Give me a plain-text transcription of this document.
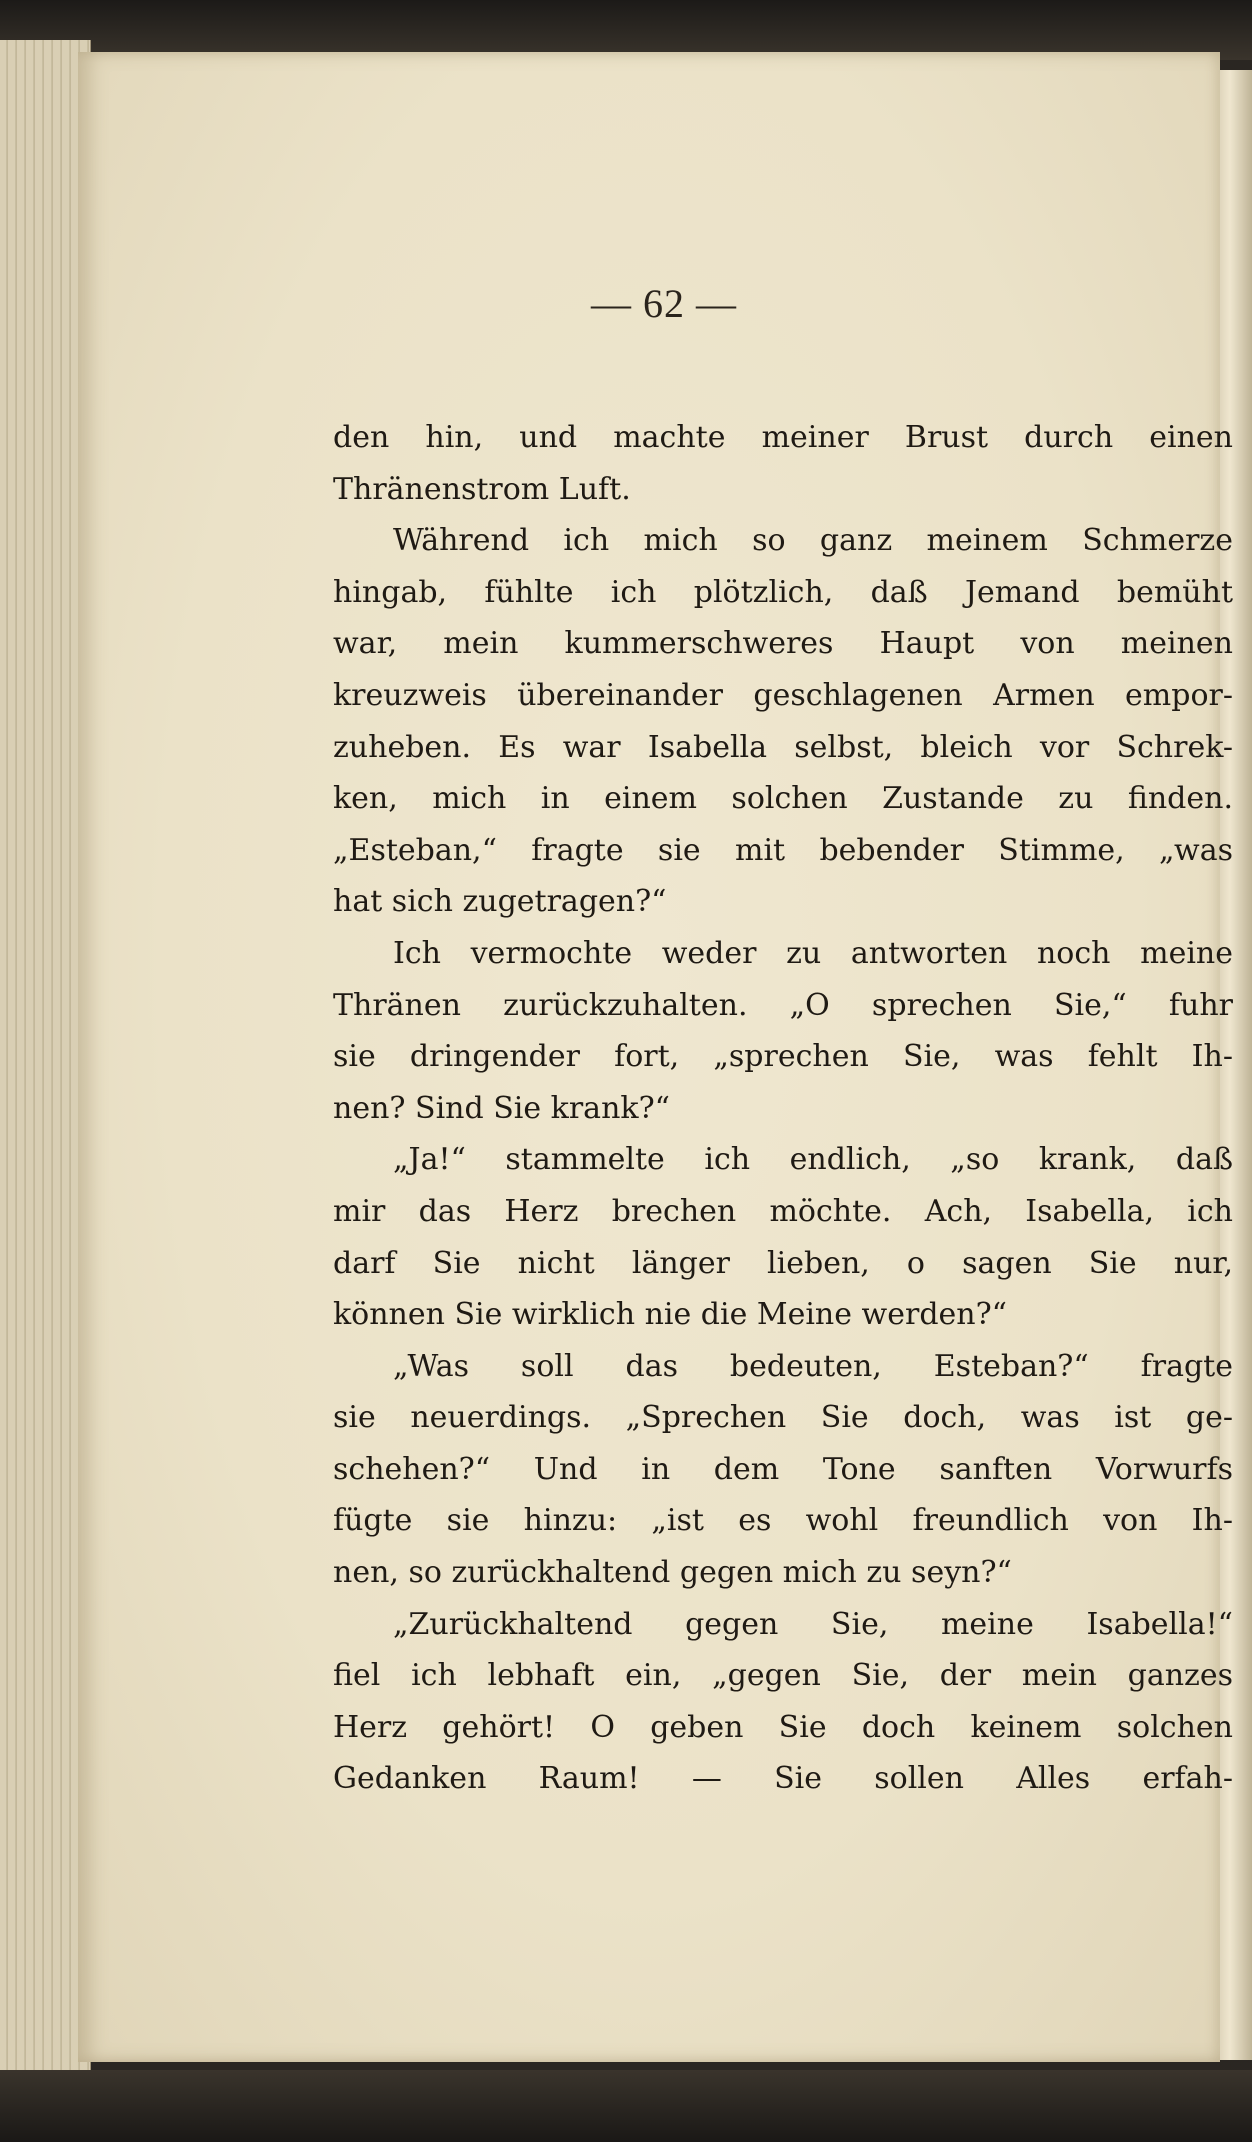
— 62 —
den hin, und machte meiner Brust durch einen
Thränenstrom Luft.
Während ich mich so ganz meinem Schmerze
hingab, fühlte ich plötzlich, daß Jemand bemüht
war, mein kummerschweres Haupt von meinen
kreuzweis übereinander geschlagenen Armen empor-
zuheben. Es war Isabella selbst, bleich vor Schrek-
ken, mich in einem solchen Zustande zu finden.
„Esteban,“ fragte sie mit bebender Stimme, „was
hat sich zugetragen?“
Ich vermochte weder zu antworten noch meine
Thränen zurückzuhalten. „O sprechen Sie,“ fuhr
sie dringender fort, „sprechen Sie, was fehlt Ih-
nen? Sind Sie krank?“
„Ja!“ stammelte ich endlich, „so krank, daß
mir das Herz brechen möchte. Ach, Isabella, ich
darf Sie nicht länger lieben, o sagen Sie nur,
können Sie wirklich nie die Meine werden?“
„Was soll das bedeuten, Esteban?“ fragte
sie neuerdings. „Sprechen Sie doch, was ist ge-
schehen?“ Und in dem Tone sanften Vorwurfs
fügte sie hinzu: „ist es wohl freundlich von Ih-
nen, so zurückhaltend gegen mich zu seyn?“
„Zurückhaltend gegen Sie, meine Isabella!“
fiel ich lebhaft ein, „gegen Sie, der mein ganzes
Herz gehört! O geben Sie doch keinem solchen
Gedanken Raum! — Sie sollen Alles erfah-
